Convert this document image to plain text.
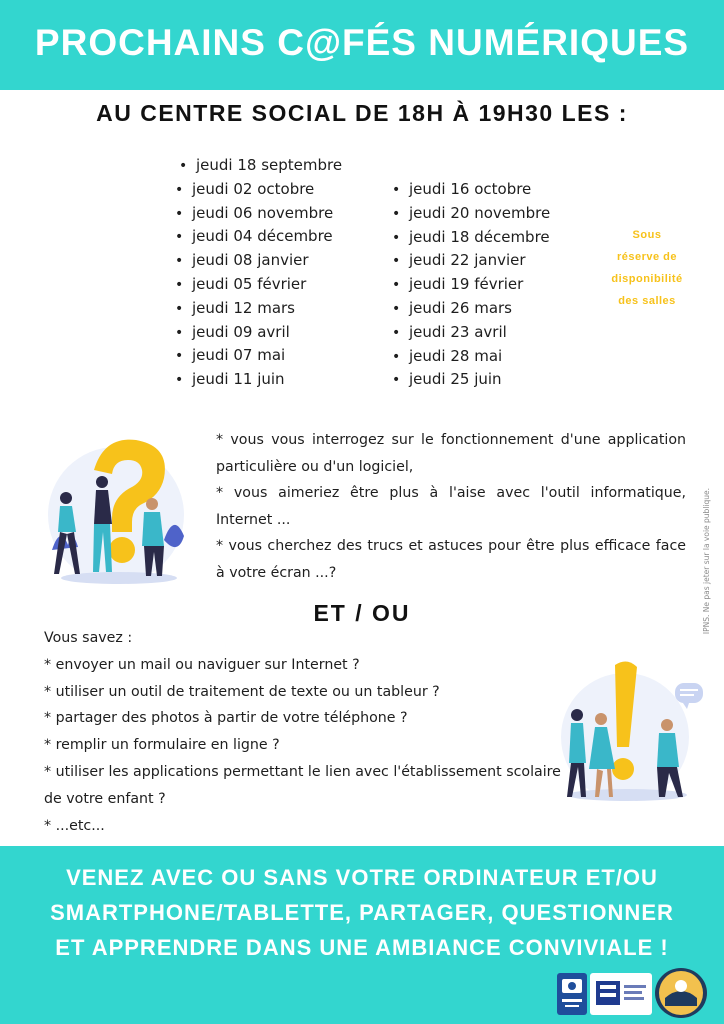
PROCHAINS C@FÉS NUMÉRIQUES
AU CENTRE SOCIAL DE 18H À 19H30 LES :
• jeudi 18 septembre
• jeudi 02 octobre
• jeudi 06 novembre
• jeudi 04 décembre
• jeudi 08 janvier
• jeudi 05 février
• jeudi 12 mars
• jeudi 09 avril
• jeudi 07 mai
• jeudi 11 juin
• jeudi 16 octobre
• jeudi 20 novembre
• jeudi 18 décembre
• jeudi 22 janvier
• jeudi 19 février
• jeudi 26 mars
• jeudi 23 avril
• jeudi 28 mai
• jeudi 25 juin
Sous
réserve de
disponibilité
des salles

* vous vous interrogez sur le fonctionnement d'une application particulière ou d'un logiciel,

* vous aimeriez être plus à l'aise avec l'outil informatique, Internet ...

* vous cherchez des trucs et astuces pour être plus efficace face à votre écran ...?	IPNS. Ne pas jeter sur la voie publique.
ET / OU

Vous savez :

* envoyer un mail ou naviguer sur Internet ?

* utiliser un outil de traitement de texte ou un tableur ?

* partager des photos à partir de votre téléphone ?

* remplir un formulaire en ligne ?

* utiliser les applications permettant le lien avec l'établissement scolaire de votre enfant ?

* ...etc...

VENEZ AVEC OU SANS VOTRE ORDINATEUR ET/OU SMARTPHONE/TABLETTE, PARTAGER, QUESTIONNER ET APPRENDRE DANS UNE AMBIANCE CONVIVIALE !
